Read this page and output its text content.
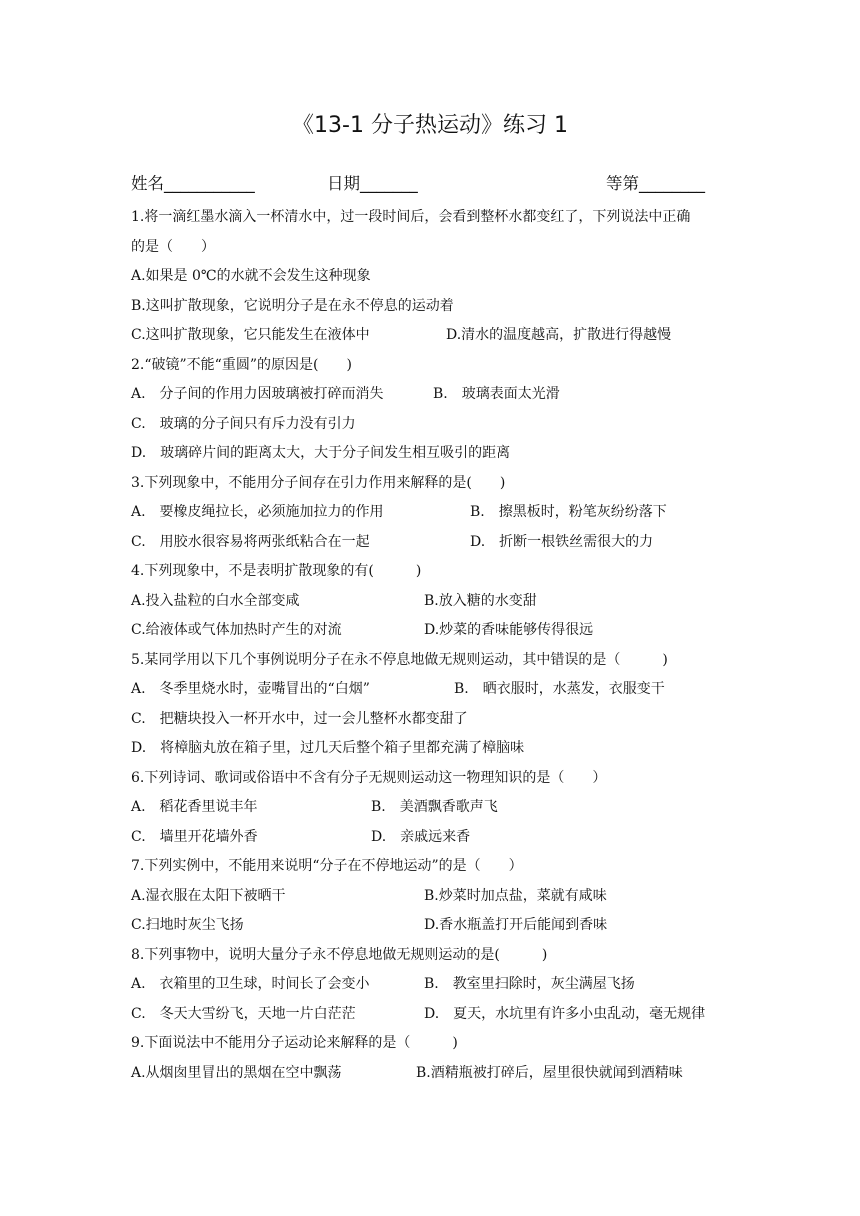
《13-1 分子热运动》练习 1
姓名___________	日期_______	等第________
1.将一滴红墨水滴入一杯清水中，过一段时间后，会看到整杯水都变红了，下列说法中正确
的是（　　）
A.如果是 0℃的水就不会发生这种现象
B.这叫扩散现象，它说明分子是在永不停息的运动着
C.这叫扩散现象，它只能发生在液体中	D.清水的温度越高，扩散进行得越慢
2.“破镜”不能“重圆”的原因是(　　)
A.　分子间的作用力因玻璃被打碎而消失	B.　玻璃表面太光滑
C.　玻璃的分子间只有斥力没有引力
D.　玻璃碎片间的距离太大，大于分子间发生相互吸引的距离
3.下列现象中，不能用分子间存在引力作用来解释的是(　　)
A.　要橡皮绳拉长，必须施加拉力的作用	B.　擦黑板时，粉笔灰纷纷落下
C.　用胶水很容易将两张纸粘合在一起	D.　折断一根铁丝需很大的力
4.下列现象中，不是表明扩散现象的有(　　　)
A.投入盐粒的白水全部变咸	B.放入糖的水变甜
C.给液体或气体加热时产生的对流	D.炒菜的香味能够传得很远
5.某同学用以下几个事例说明分子在永不停息地做无规则运动，其中错误的是（　　　)
A.　冬季里烧水时，壶嘴冒出的“白烟”	B.　晒衣服时，水蒸发，衣服变干
C.　把糖块投入一杯开水中，过一会儿整杯水都变甜了
D.　将樟脑丸放在箱子里，过几天后整个箱子里都充满了樟脑味
6.下列诗词、歌词或俗语中不含有分子无规则运动这一物理知识的是（　　）
A.　稻花香里说丰年	B.　美酒飘香歌声飞
C.　墙里开花墙外香	D.　亲戚远来香
7.下列实例中，不能用来说明“分子在不停地运动”的是（　　）
A.湿衣服在太阳下被晒干	B.炒菜时加点盐，菜就有咸味
C.扫地时灰尘飞扬	D.香水瓶盖打开后能闻到香味
8.下列事物中，说明大量分子永不停息地做无规则运动的是(　　　)
A.　衣箱里的卫生球，时间长了会变小	B.　教室里扫除时，灰尘满屋飞扬
C.　冬天大雪纷飞，天地一片白茫茫	D.　夏天，水坑里有许多小虫乱动，毫无规律
9.下面说法中不能用分子运动论来解释的是（　　　)
A.从烟囱里冒出的黑烟在空中飘荡	B.酒精瓶被打碎后，屋里很快就闻到酒精味
